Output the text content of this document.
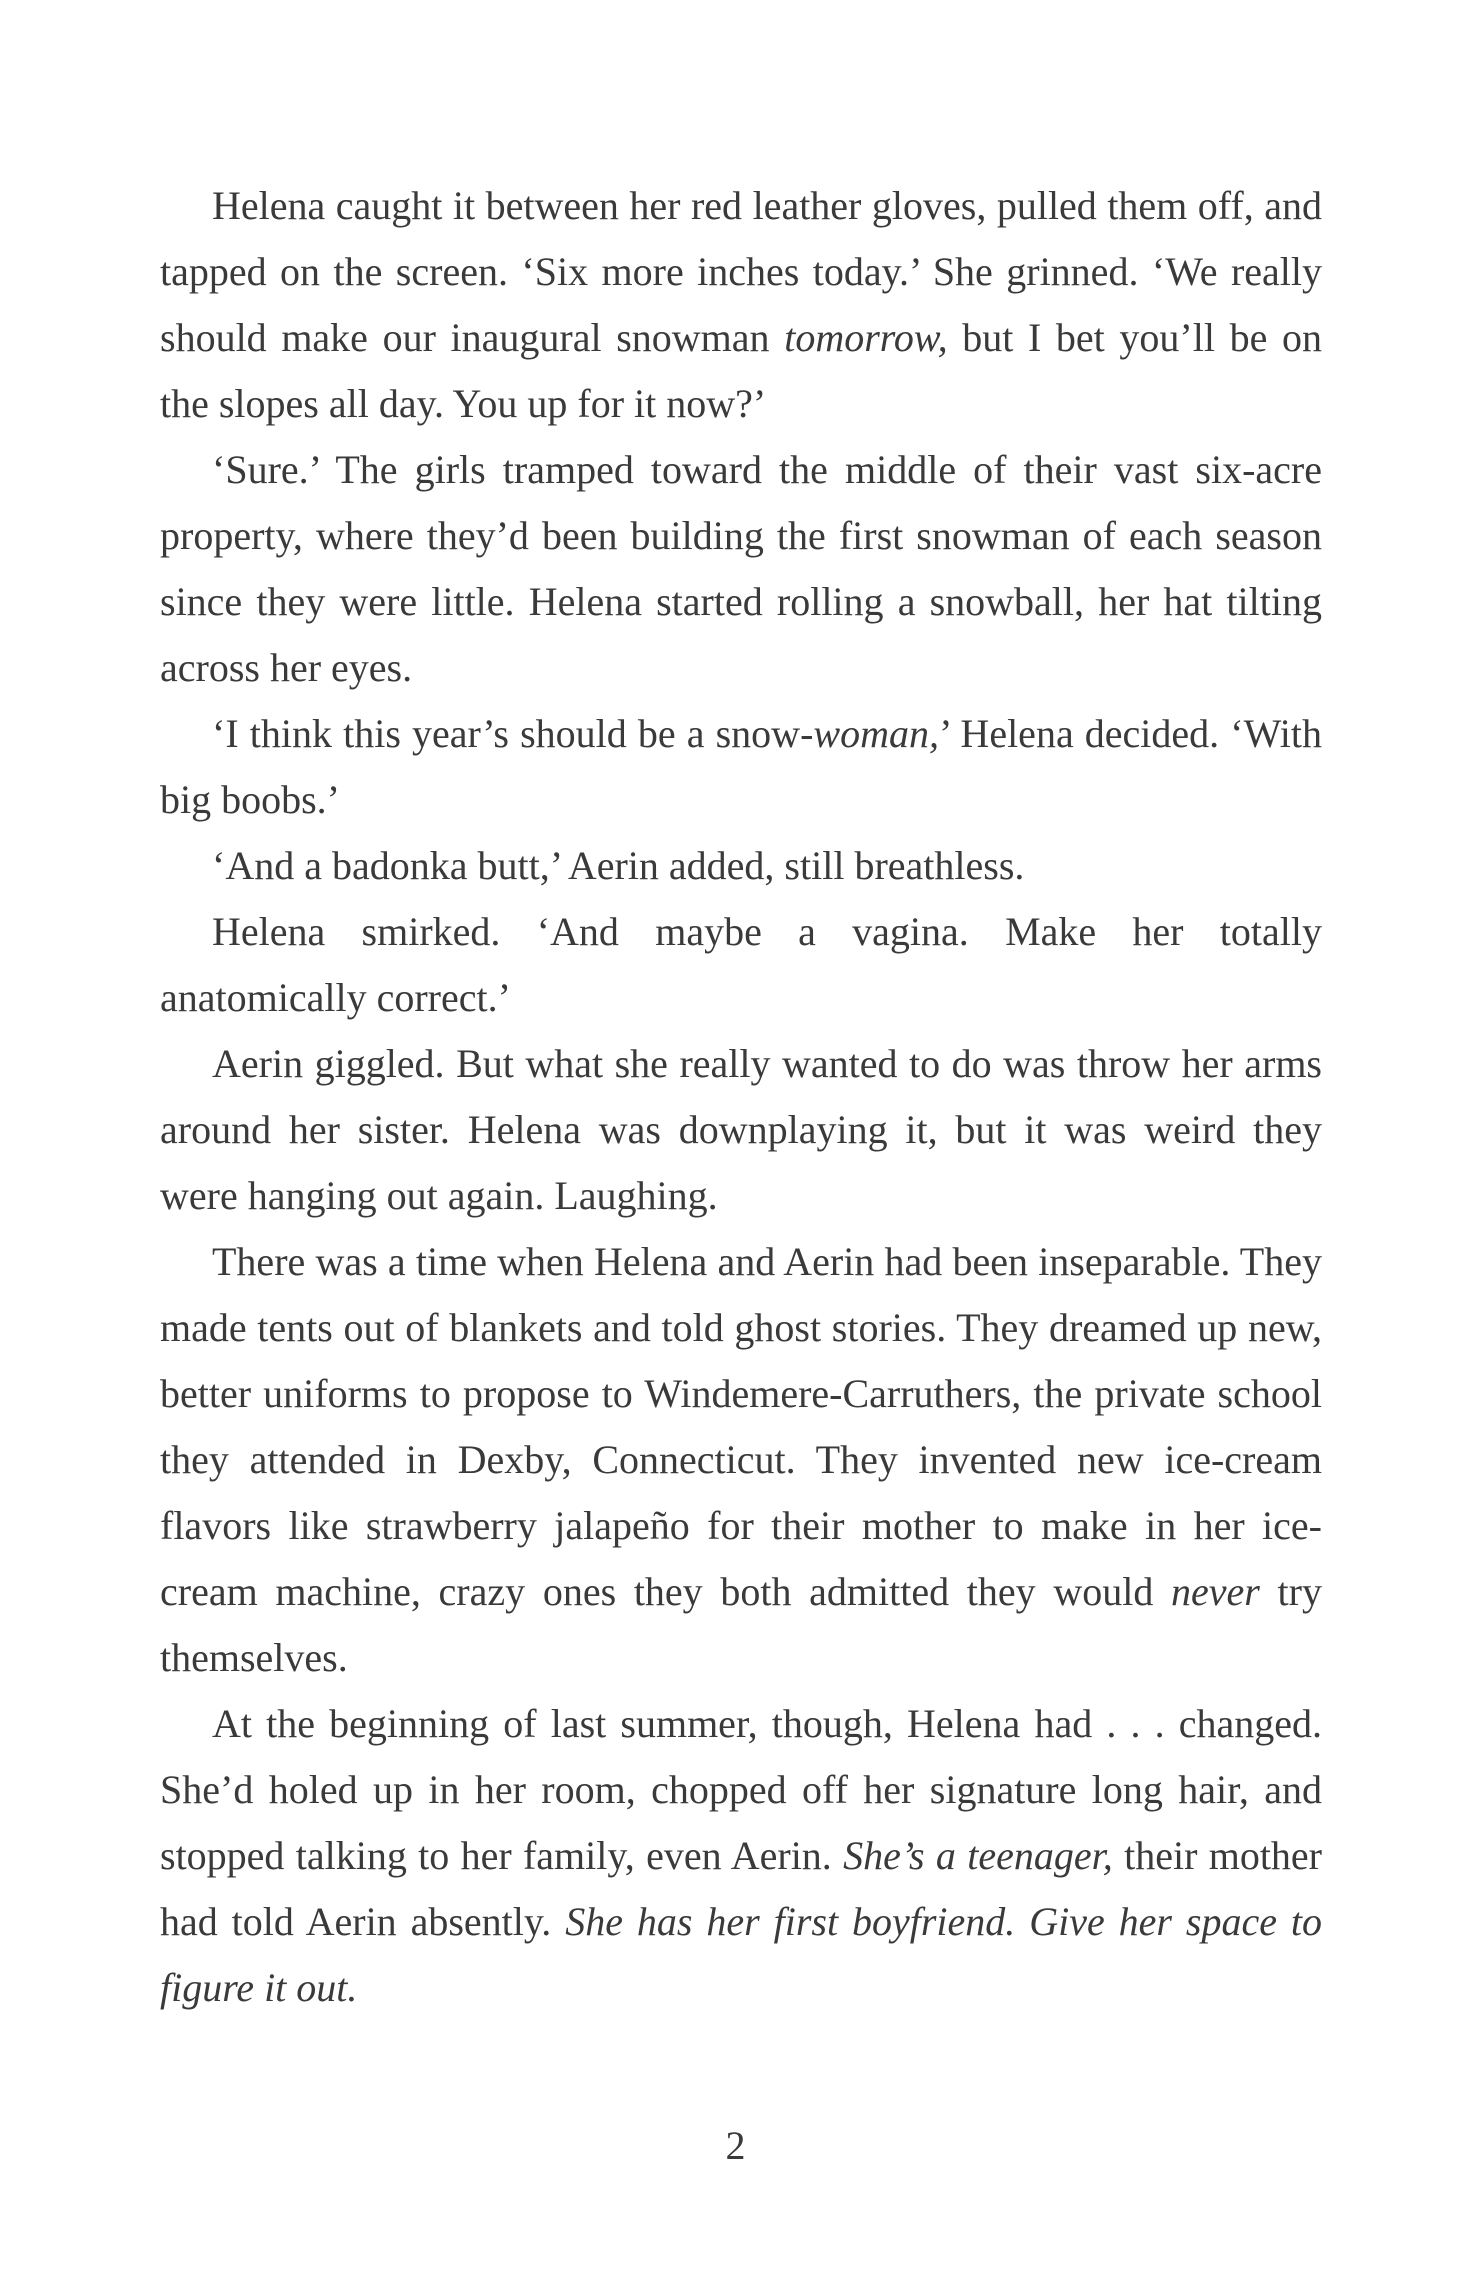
Helena caught it between her red leather gloves, pulled them off, and tapped on the screen. ‘Six more inches today.’ She grinned. ‘We really should make our inaugural snowman tomorrow, but I bet you’ll be on the slopes all day. You up for it now?’

‘Sure.’ The girls tramped toward the middle of their vast six-acre property, where they’d been building the first snowman of each season since they were little. Helena started rolling a snowball, her hat tilting across her eyes.

‘I think this year’s should be a snow-woman,’ Helena decided. ‘With big boobs.’

‘And a badonka butt,’ Aerin added, still breathless.

Helena smirked. ‘And maybe a vagina. Make her totally anatomically correct.’

Aerin giggled. But what she really wanted to do was throw her arms around her sister. Helena was downplaying it, but it was weird they were hanging out again. Laughing.

There was a time when Helena and Aerin had been inseparable. They made tents out of blankets and told ghost stories. They dreamed up new, better uniforms to propose to Windemere-Carruthers, the private school they attended in Dexby, Connecticut. They invented new ice-cream flavors like strawberry jalapeño for their mother to make in her ice-cream machine, crazy ones they both admitted they would never try themselves.

At the beginning of last summer, though, Helena had . . . changed. She’d holed up in her room, chopped off her signature long hair, and stopped talking to her family, even Aerin. She’s a teenager, their mother had told Aerin absently. She has her first boyfriend. Give her space to figure it out.

2
